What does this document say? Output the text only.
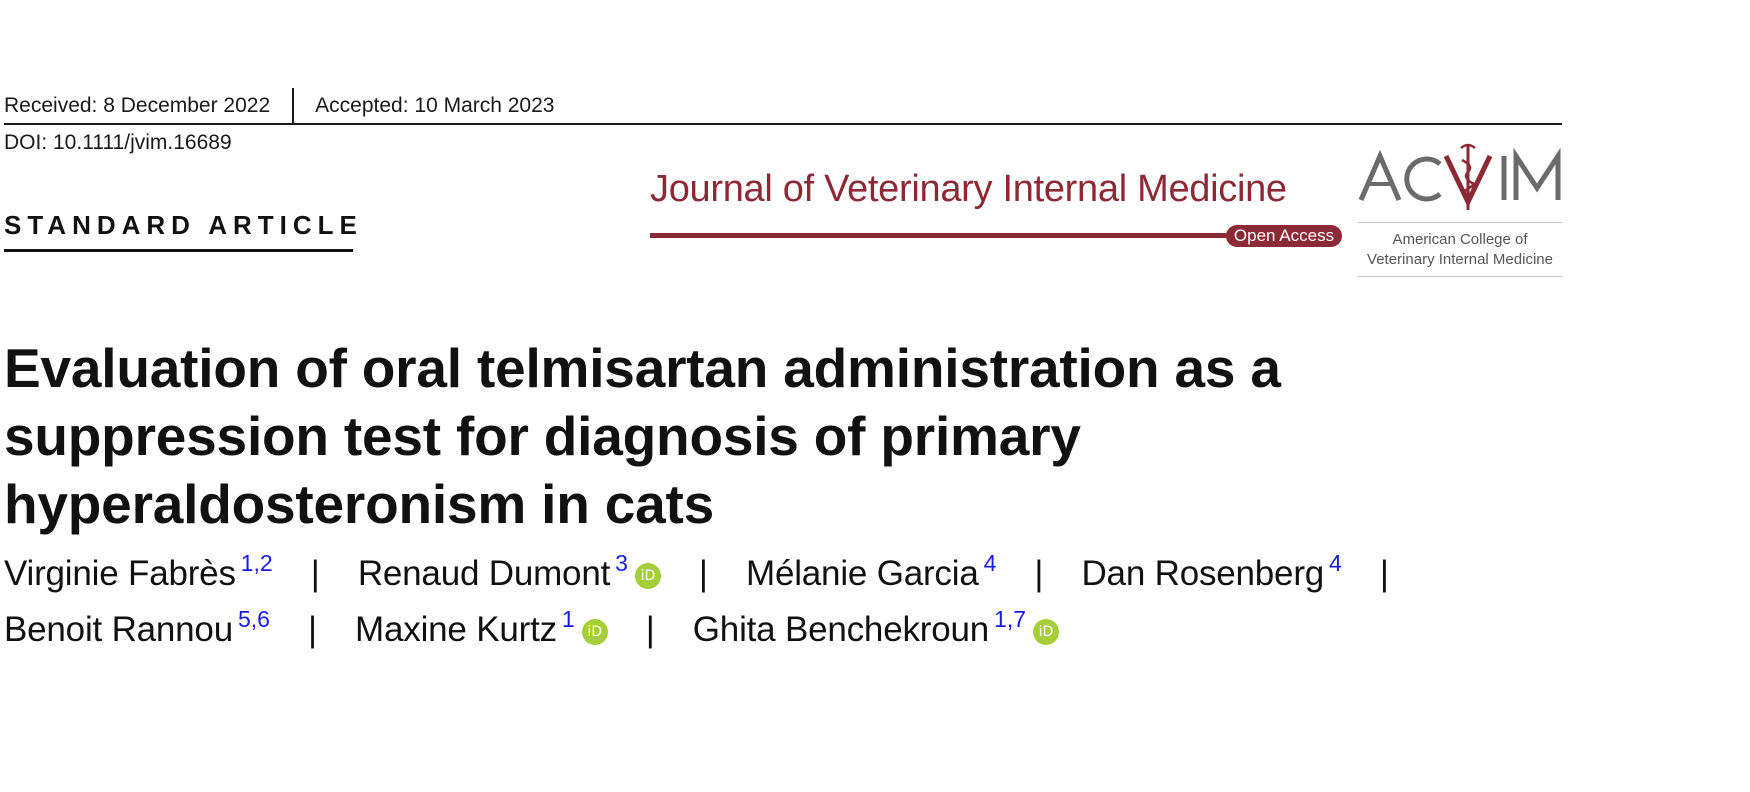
Received: 8 December 2022 Accepted: 10 March 2023
DOI: 10.1111/jvim.16689
STANDARD ARTICLE
Journal of Veterinary Internal Medicine
Open Access	American College of
Veterinary Internal Medicine
Evaluation of oral telmisartan administration as a suppression test for diagnosis of primary hyperaldosteronism in cats
Virginie Fabrès $^{1,2}$ | Renaud Dumont $^3$ iD | Mélanie Garcia $^4$ | Dan Rosenberg $^4$ |
Benoit Rannou $^{5,6}$ | Maxine Kurtz $^1$ iD | Ghita Benchekroun $^{1,7}$ iD
